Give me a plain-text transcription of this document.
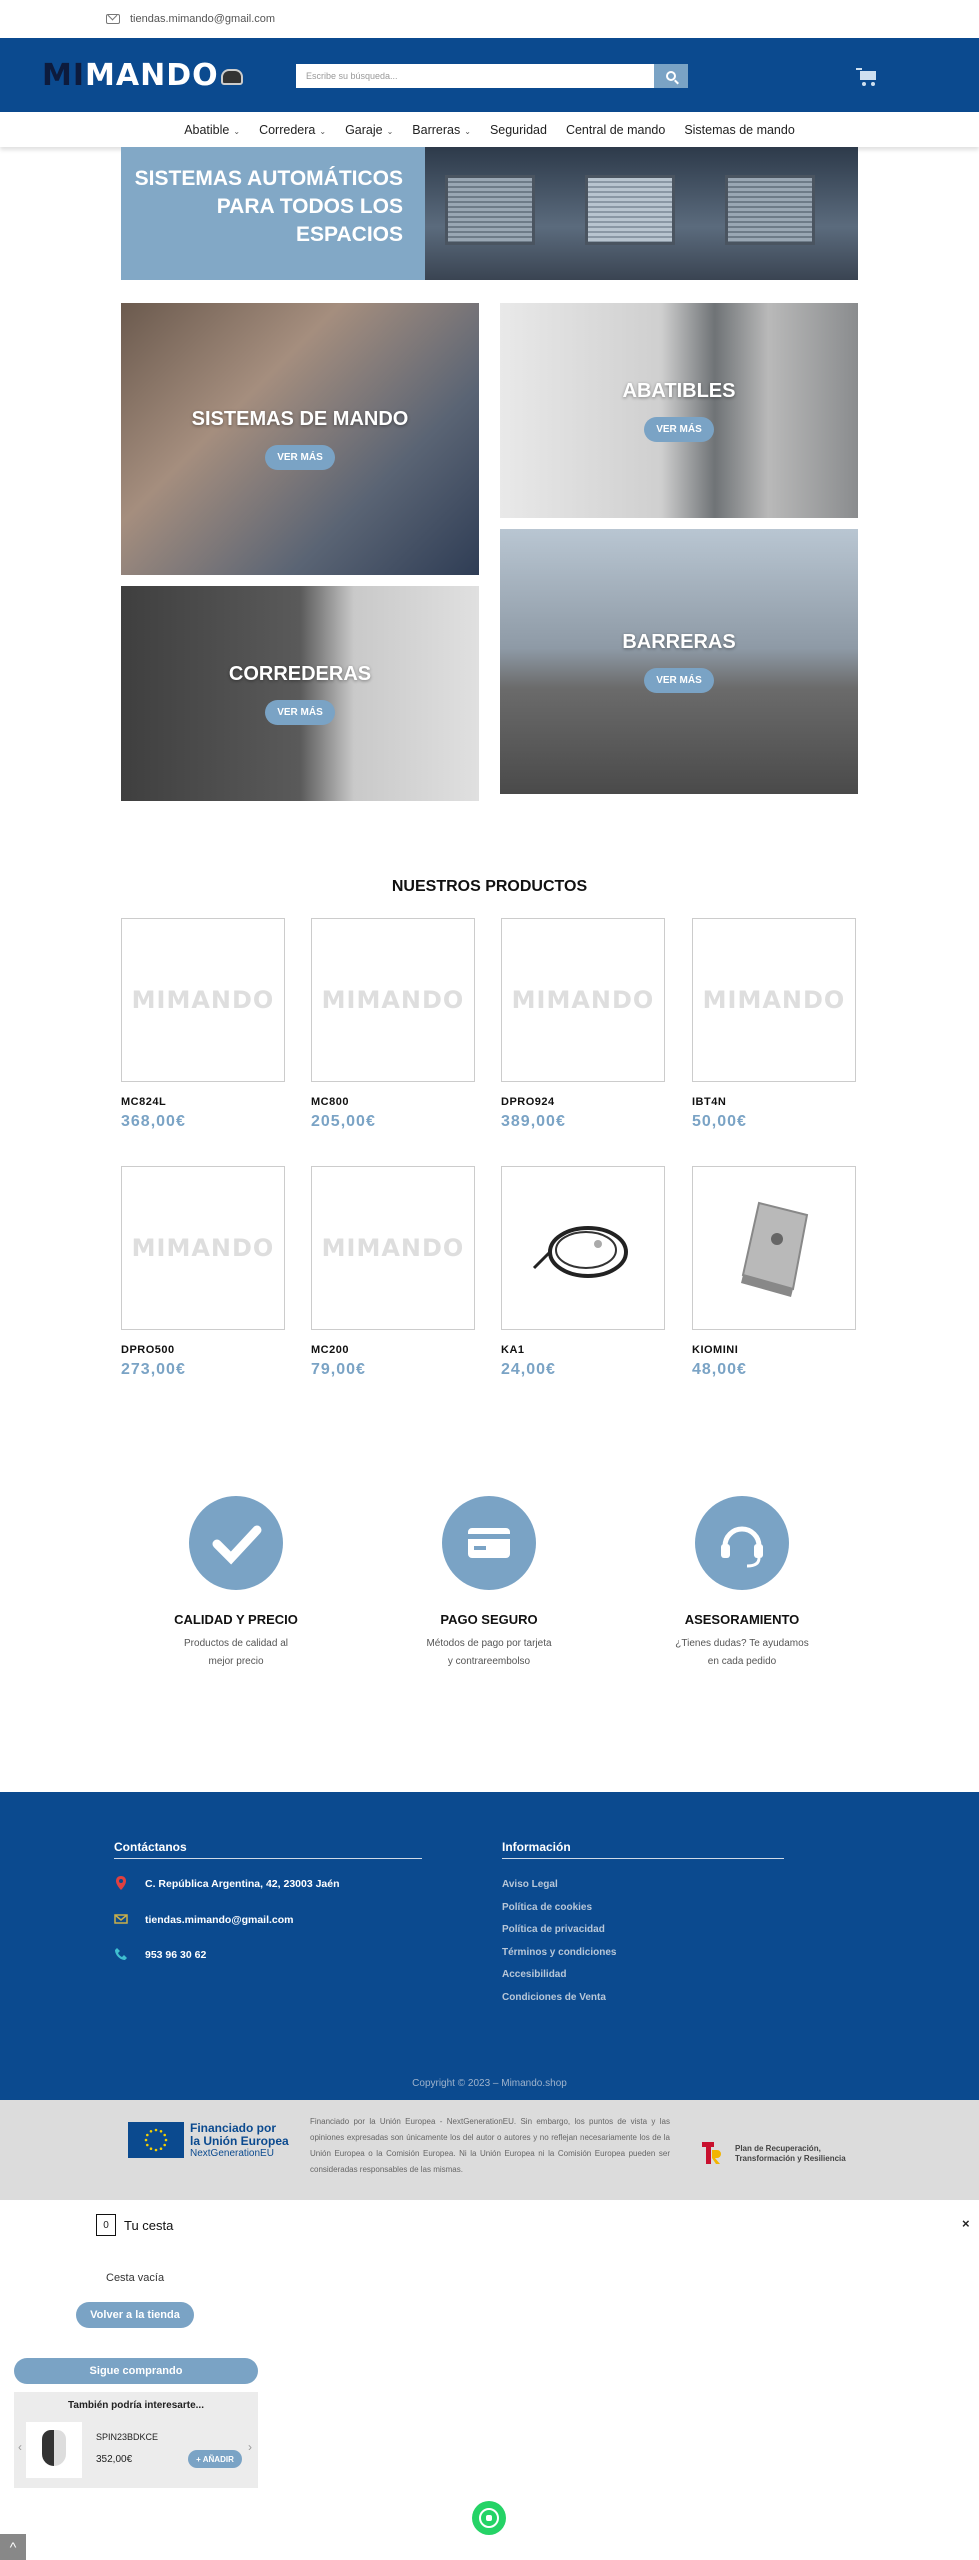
tiendas.mimando@gmail.com
MIMANDO	Escribe su búsqueda...
Abatible ⌄ Corredera ⌄ Garaje ⌄ Barreras ⌄ Seguridad Central de mando Sistemas de mando
SISTEMAS AUTOMÁTICOS
PARA TODOS LOS
ESPACIOS
SISTEMAS DE MANDO
VER MÁS
ABATIBLES
VER MÁS
CORREDERAS
VER MÁS
BARRERAS
VER MÁS
NUESTROS PRODUCTOS
MIMANDO
MC824L
368,00€
MIMANDO
MC800
205,00€
MIMANDO
DPRO924
389,00€
MIMANDO
IBT4N
50,00€
MIMANDO
DPRO500
273,00€
MIMANDO
MC200
79,00€
KA1
24,00€
KIOMINI
48,00€
CALIDAD Y PRECIO
Productos de calidad al
mejor precio
PAGO SEGURO
Métodos de pago por tarjeta
y contrareembolso
ASESORAMIENTO
¿Tienes dudas? Te ayudamos
en cada pedido
Contáctanos	Información
C. República Argentina, 42, 23003 Jaén
tiendas.mimando@gmail.com
953 96 30 62
Aviso Legal
Política de cookies
Política de privacidad
Términos y condiciones
Accesibilidad
Condiciones de Venta
Copyright © 2023 – Mimando.shop
Financiado por
la Unión Europea
NextGenerationEU
Financiado por la Unión Europea - NextGenerationEU. Sin embargo, los puntos de vista y las opiniones expresadas son únicamente los del autor o autores y no reflejan necesariamente los de la Unión Europea o la Comisión Europea. Ni la Unión Europea ni la Comisión Europea pueden ser consideradas responsables de las mismas.
Plan de Recuperación,
Transformación y Resiliencia
0 Tu cesta	×
Cesta vacía
Volver a la tienda
Sigue comprando
También podría interesarte...
‹
SPIN23BDKCE
352,00€	+ AÑADIR
›
^
